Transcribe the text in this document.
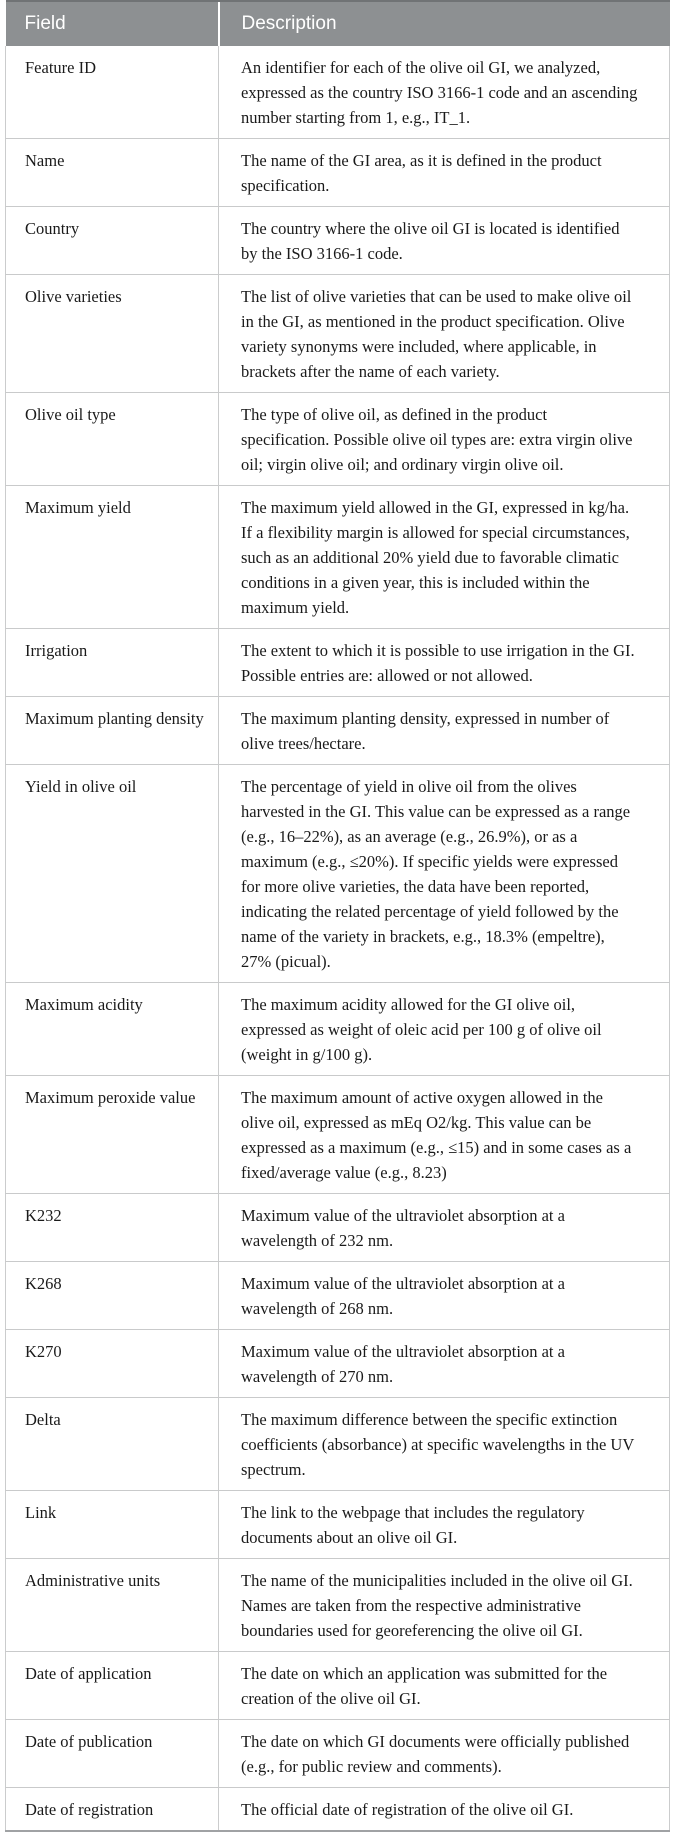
Field	Description
Feature ID	An identifier for each of the olive oil GI, we analyzed, expressed as the country ISO 3166-1 code and an ascending number starting from 1, e.g., IT_1.
Name	The name of the GI area, as it is defined in the product specification.
Country	The country where the olive oil GI is located is identified by the ISO 3166-1 code.
Olive varieties	The list of olive varieties that can be used to make olive oil in the GI, as mentioned in the product specification. Olive variety synonyms were included, where applicable, in brackets after the name of each variety.
Olive oil type	The type of olive oil, as defined in the product specification. Possible olive oil types are: extra virgin olive oil; virgin olive oil; and ordinary virgin olive oil.
Maximum yield	The maximum yield allowed in the GI, expressed in kg/ha. If a flexibility margin is allowed for special circumstances, such as an additional 20% yield due to favorable climatic conditions in a given year, this is included within the maximum yield.
Irrigation	The extent to which it is possible to use irrigation in the GI. Possible entries are: allowed or not allowed.
Maximum planting density	The maximum planting density, expressed in number of olive trees/hectare.
Yield in olive oil	The percentage of yield in olive oil from the olives harvested in the GI. This value can be expressed as a range (e.g., 16–22%), as an average (e.g., 26.9%), or as a maximum (e.g., ≤20%). If specific yields were expressed for more olive varieties, the data have been reported, indicating the related percentage of yield followed by the name of the variety in brackets, e.g., 18.3% (empeltre), 27% (picual).
Maximum acidity	The maximum acidity allowed for the GI olive oil, expressed as weight of oleic acid per 100 g of olive oil (weight in g/100 g).
Maximum peroxide value	The maximum amount of active oxygen allowed in the olive oil, expressed as mEq O2/kg. This value can be expressed as a maximum (e.g., ≤15) and in some cases as a fixed/average value (e.g., 8.23)
K232	Maximum value of the ultraviolet absorption at a wavelength of 232 nm.
K268	Maximum value of the ultraviolet absorption at a wavelength of 268 nm.
K270	Maximum value of the ultraviolet absorption at a wavelength of 270 nm.
Delta	The maximum difference between the specific extinction coefficients (absorbance) at specific wavelengths in the UV spectrum.
Link	The link to the webpage that includes the regulatory documents about an olive oil GI.
Administrative units	The name of the municipalities included in the olive oil GI. Names are taken from the respective administrative boundaries used for georeferencing the olive oil GI.
Date of application	The date on which an application was submitted for the creation of the olive oil GI.
Date of publication	The date on which GI documents were officially published (e.g., for public review and comments).
Date of registration	The official date of registration of the olive oil GI.
